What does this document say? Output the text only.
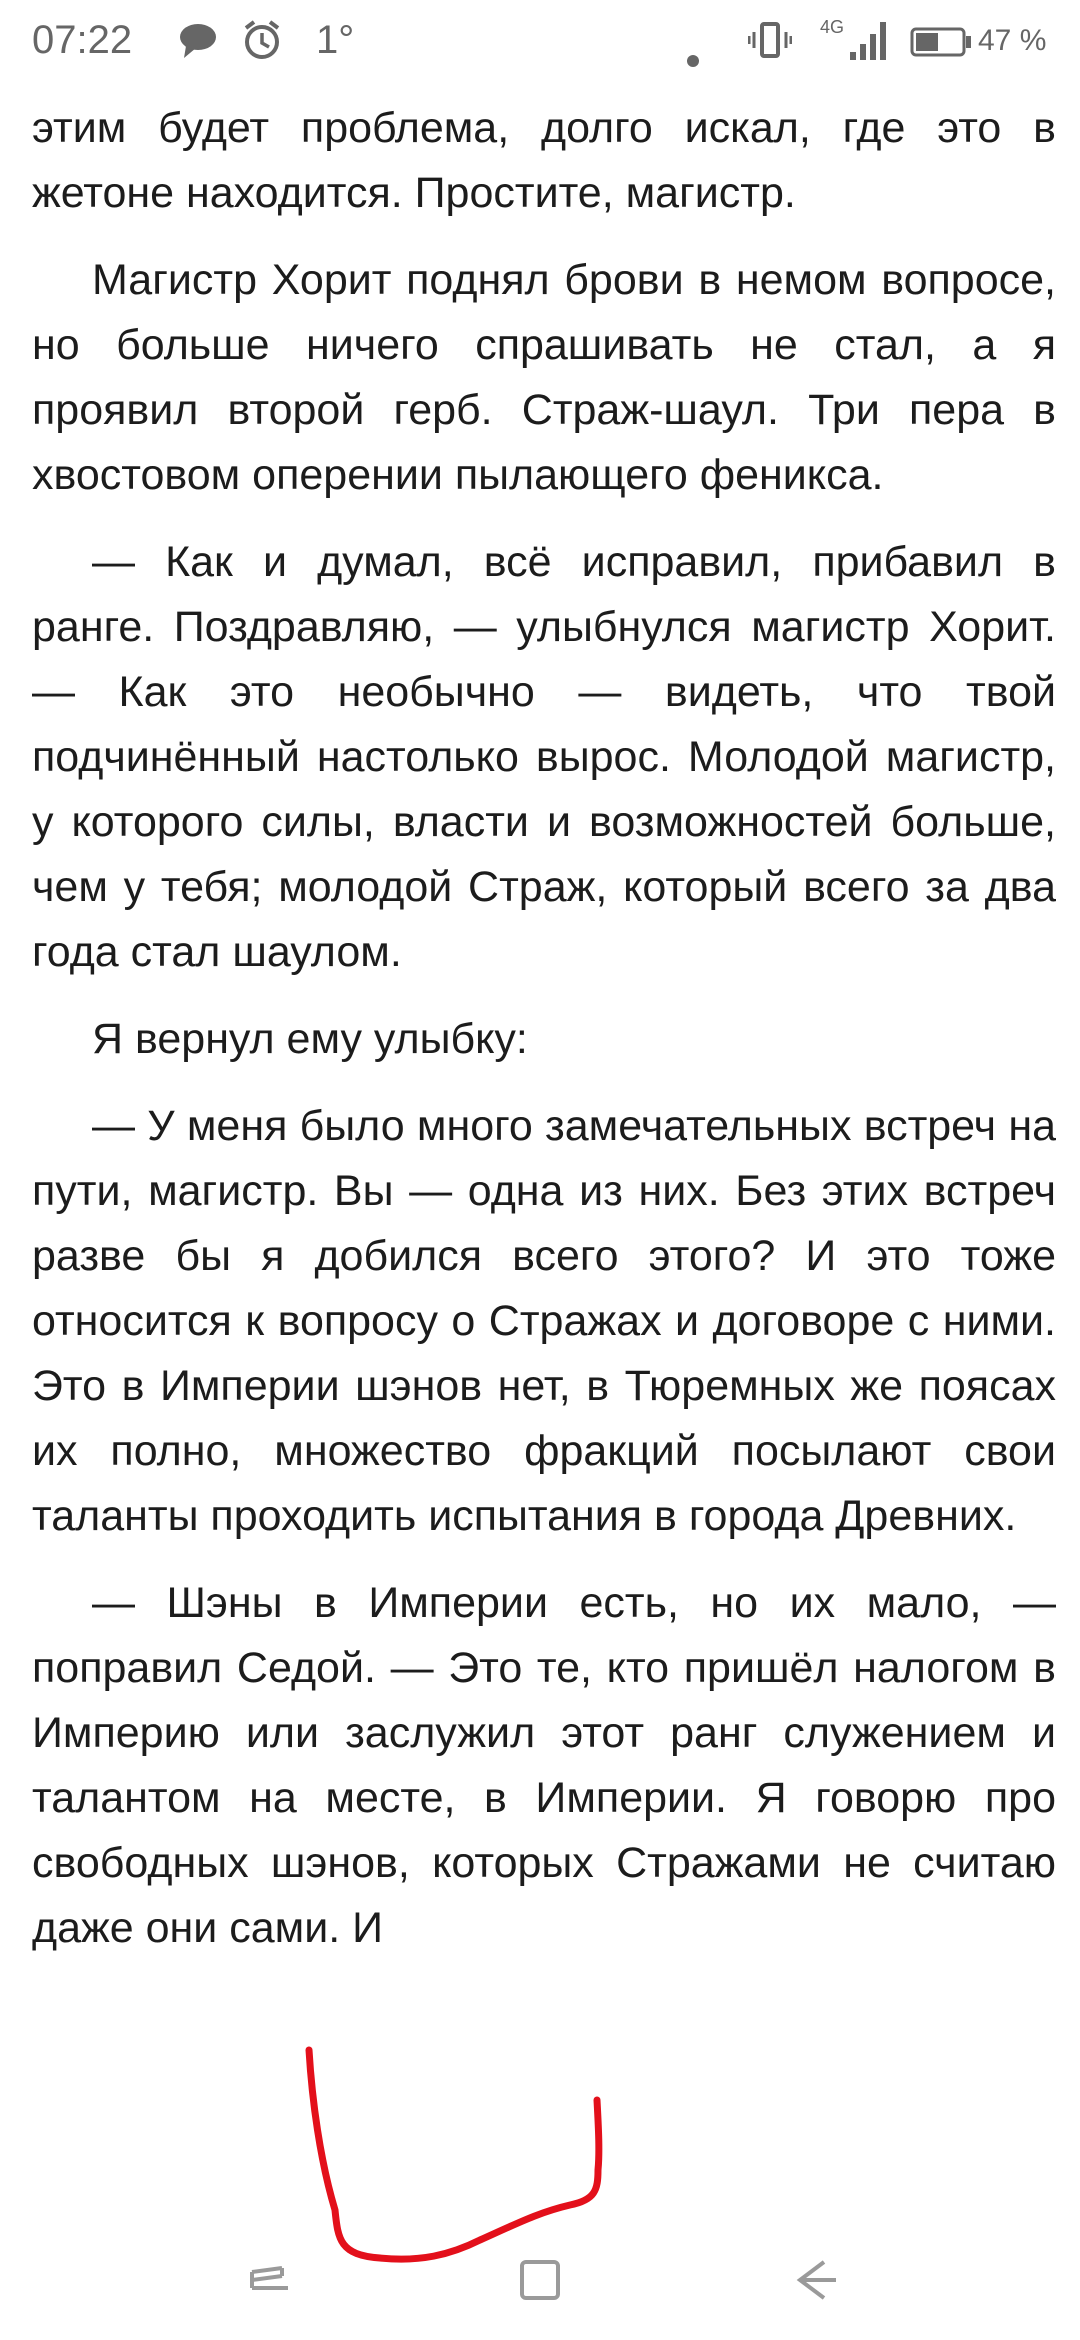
07:22	1°	4G	47 %

этим будет проблема, долго искал, где это в жетоне находится. Простите, магистр.

Магистр Хорит поднял брови в немом вопросе, но больше ничего спрашивать не стал, а я проявил второй герб. Страж-шаул. Три пера в хвостовом оперении пылающего феникса.

— Как и думал, всё исправил, прибавил в ранге. Поздравляю, — улыбнулся магистр Хорит. — Как это необычно — видеть, что твой подчинённый настолько вырос. Молодой магистр, у которого силы, власти и возможностей больше, чем у тебя; молодой Страж, который всего за два года стал шаулом.

Я вернул ему улыбку:

— У меня было много замечательных встреч на пути, магистр. Вы — одна из них. Без этих встреч разве бы я добился всего этого? И это тоже относится к вопросу о Стражах и договоре с ними. Это в Империи шэнов нет, в Тюремных же поясах их полно, множество фракций посылают свои таланты проходить испытания в города Древних.

— Шэны в Империи есть, но их мало, — поправил Седой. — Это те, кто пришёл налогом в Империю или заслужил этот ранг служением и талантом на месте, в Империи. Я говорю про свободных шэнов, которых Стражами не считаю даже они сами. И
